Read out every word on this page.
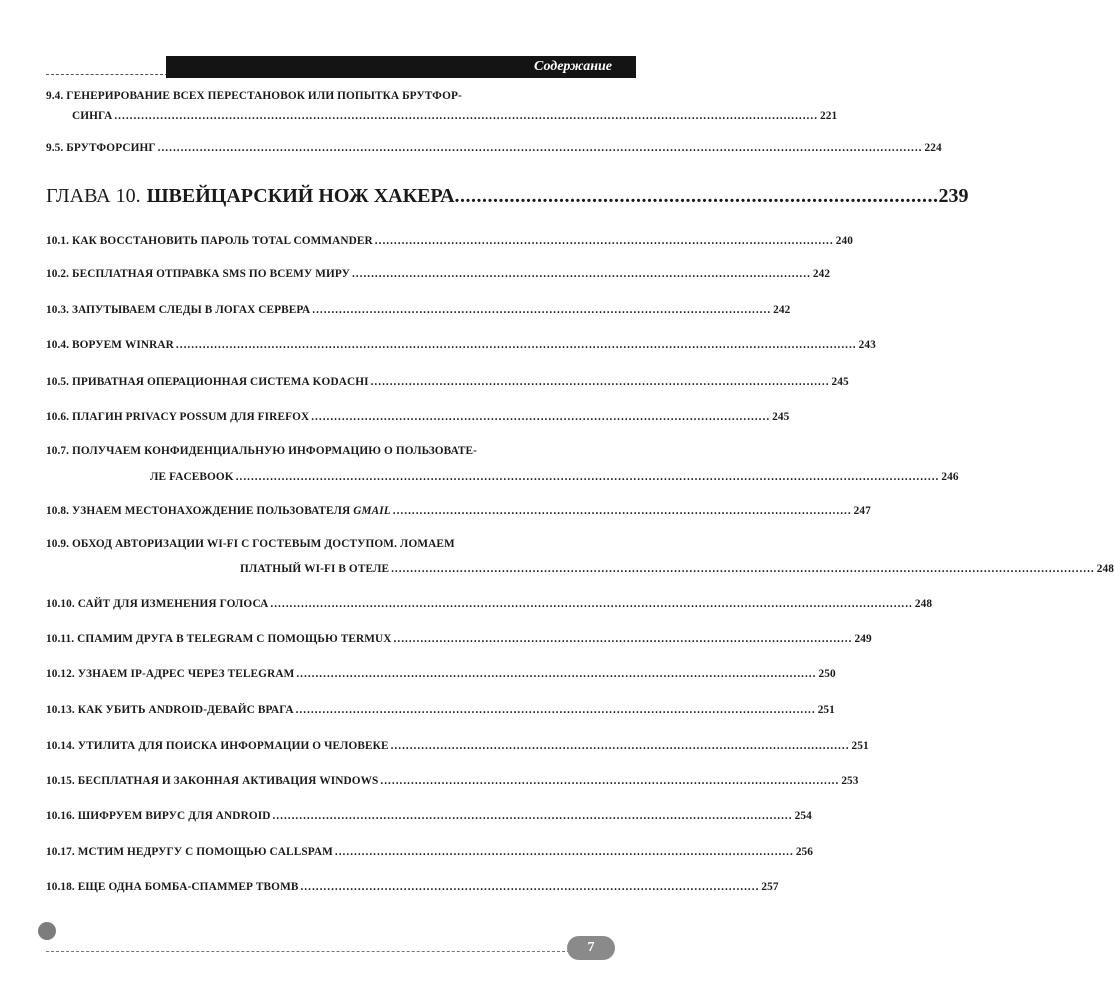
Содержание
9.4. ГЕНЕРИРОВАНИЕ ВСЕХ ПЕРЕСТАНОВОК ИЛИ ПОПЫТКА БРУТФОР-
СИНГА ........................................................................................................................................................................................ 221
9.5. БРУТФОРСИНГ ........................................................................................................................................................................................................ 224
ГЛАВА 10. ШВЕЙЦАРСКИЙ НОЖ ХАКЕРА ........................................................................................ 239
10.1. КАК ВОССТАНОВИТЬ ПАРОЛЬ TOTAL COMMANDER ........................................................................................................................ 240
10.2. БЕСПЛАТНАЯ ОТПРАВКА SMS ПО ВСЕМУ МИРУ ........................................................................................................................ 242
10.3. ЗАПУТЫВАЕМ СЛЕДЫ В ЛОГАХ СЕРВЕРА ........................................................................................................................ 242
10.4. ВОРУЕМ WINRAR .................................................................................................................................................................................. 243
10.5. ПРИВАТНАЯ ОПЕРАЦИОННАЯ СИСТЕМА KODACHI ........................................................................................................................ 245
10.6. ПЛАГИН PRIVACY POSSUM ДЛЯ FIREFOX ........................................................................................................................ 245
10.7. ПОЛУЧАЕМ КОНФИДЕНЦИАЛЬНУЮ ИНФОРМАЦИЮ О ПОЛЬЗОВАТЕ-
ЛЕ FACEBOOK ........................................................................................................................................................................................ 246
10.8. УЗНАЕМ МЕСТОНАХОЖДЕНИЕ ПОЛЬЗОВАТЕЛЯ GMAIL ........................................................................................................................ 247
10.9. ОБХОД АВТОРИЗАЦИИ WI-FI С ГОСТЕВЫМ ДОСТУПОМ. ЛОМАЕМ
ПЛАТНЫЙ WI-FI В ОТЕЛЕ ........................................................................................................................................................................................ 248
10.10. САЙТ ДЛЯ ИЗМЕНЕНИЯ ГОЛОСА ........................................................................................................................................................................ 248
10.11. СПАМИМ ДРУГА В TELEGRAM С ПОМОЩЬЮ TERMUX ........................................................................................................................ 249
10.12. УЗНАЕМ IP-АДРЕС ЧЕРЕЗ TELEGRAM ........................................................................................................................................ 250
10.13. КАК УБИТЬ ANDROID-ДЕВАЙС ВРАГА ........................................................................................................................................ 251
10.14. УТИЛИТА ДЛЯ ПОИСКА ИНФОРМАЦИИ О ЧЕЛОВЕКЕ ........................................................................................................................ 251
10.15. БЕСПЛАТНАЯ И ЗАКОННАЯ АКТИВАЦИЯ WINDOWS ........................................................................................................................ 253
10.16. ШИФРУЕМ ВИРУС ДЛЯ ANDROID ........................................................................................................................................ 254
10.17. МСТИМ НЕДРУГУ С ПОМОЩЬЮ CALLSPAM ........................................................................................................................ 256
10.18. ЕЩЕ ОДНА БОМБА-СПАММЕР TBOMB ........................................................................................................................ 257
7
